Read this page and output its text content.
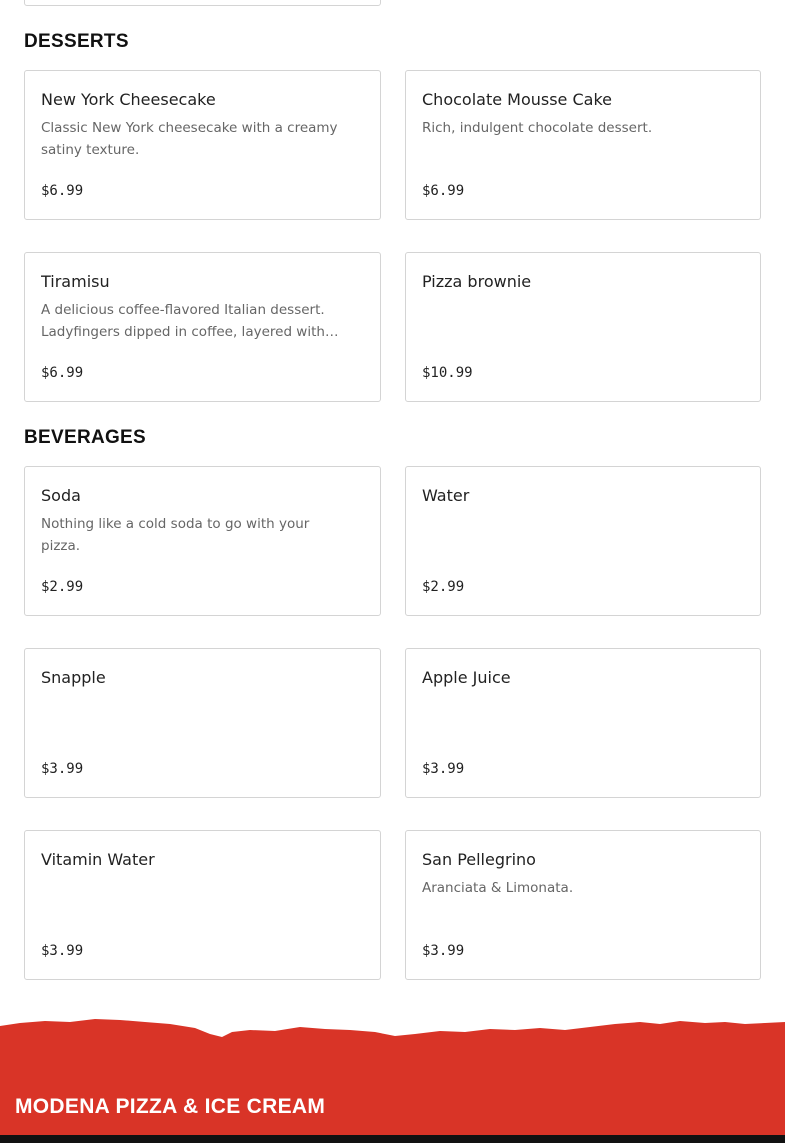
DESSERTS
New York Cheesecake
Classic New York cheesecake with a creamy satiny texture.
$6.99
Chocolate Mousse Cake
Rich, indulgent chocolate dessert.
$6.99
Tiramisu
A delicious coffee-flavored Italian dessert. Ladyfingers dipped in coffee, layered with a
$6.99
Pizza brownie
$10.99
BEVERAGES
Soda
Nothing like a cold soda to go with your pizza.
$2.99
Water
$2.99
Snapple
$3.99
Apple Juice
$3.99
Vitamin Water
$3.99
San Pellegrino
Aranciata & Limonata.
$3.99
MODENA PIZZA & ICE CREAM
